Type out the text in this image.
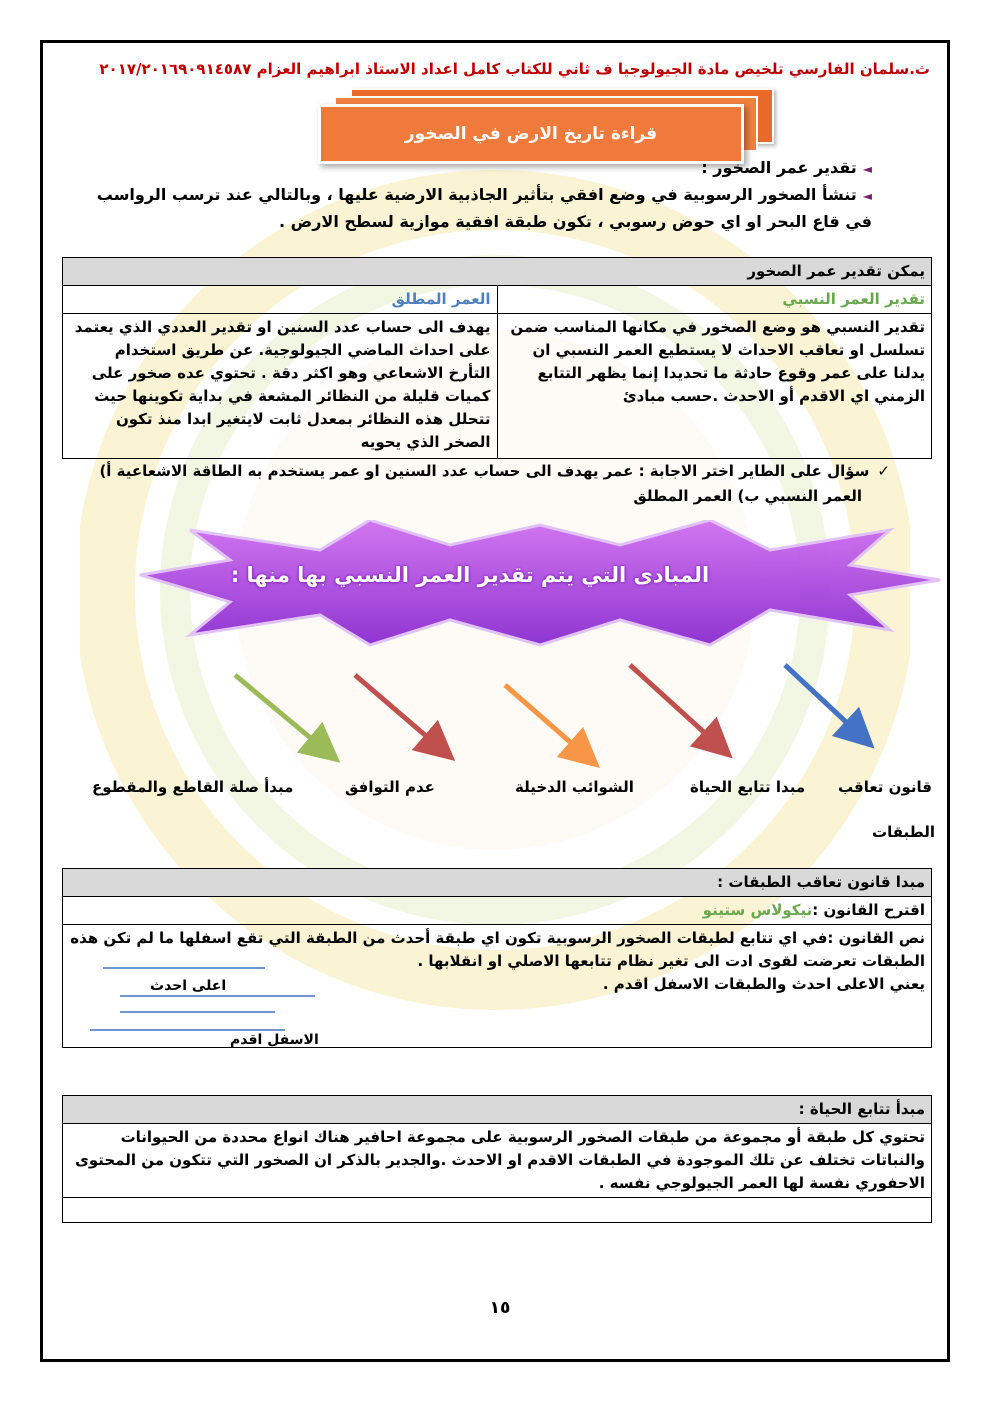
ث.سلمان الفارسي تلخيص مادة الجيولوجيا ف ثاني للكتاب كامل اعداد الاستاذ ابراهيم العزام ٩٠٩١٤٥٨٧
٢٠١٧/٢٠١٦
قراءة تاريخ الارض في الصخور
◄تقدير عمر الصخور :
◄تنشأ الصخور الرسوبية في وضع افقي بتأثير الجاذبية الارضية عليها ، وبالتالي عند ترسب الرواسب في قاع البحر او اي حوض رسوبي ، تكون طبقة افقية موازية لسطح الارض .
يمكن تقدير عمر الصخور	
العمر المطلق	تقدير العمر النسبي
يهدف الى حساب عدد السنين او تقدير العددي الذي يعتمد على احداث الماضي الجيولوجية. عن طريق استخدام التأرخ الاشعاعي وهو اكثر دقة . تحتوي عده صخور على كميات قليلة من النظائر المشعة في بداية تكوينها حيث تتحلل هذه النظائر بمعدل ثابت لايتغير ابدا منذ تكون الصخر الذي يحويه	تقدير النسبي هو وضع الصخور في مكانها المناسب ضمن تسلسل او تعاقب الاحداث لا يستطيع العمر النسبي ان يدلنا على عمر وقوع حادثة ما تحديدا إنما يظهر التتابع الزمني اي الاقدم أو الاحدث .حسب مبادئ
✓سؤال على الطاير اختر الاجابة : عمر يهدف الى حساب عدد السنين او عمر يستخدم به الطاقة الاشعاعية أ)
العمر النسبي ب) العمر المطلق
المبادى التي يتم تقدير العمر النسبي بها منها :
قانون تعاقب
مبدا تتابع الحياة
الشوائب الدخيلة
عدم التوافق
مبدأ صلة القاطع والمقطوع
الطبقات
مبدا قانون تعاقب الطبقات :
اقترح القانون :نيكولاس ستينو

نص القانون :في اي تتابع لطبقات الصخور الرسوبية تكون اي طبقة أحدث من الطبقة التي تقع اسفلها ما لم تكن هذه
الطبقات تعرضت لقوى ادت الى تغير نظام تتابعها الاصلي او انقلابها .
يعني الاعلى احدث والطبقات الاسفل اقدم .
اعلى احدث
الاسفل اقدم
مبدأ تتابع الحياة :

تحتوي كل طبقة أو مجموعة من طبقات الصخور الرسوبية على مجموعة احافير هناك انواع محددة من الحيوانات
والنباتات تختلف عن تلك الموجودة في الطبقات الاقدم او الاحدث .والجدير بالذكر ان الصخور التي تتكون من المحتوى
الاحفوري نفسة لها العمر الجيولوجي نفسه .

١٥
